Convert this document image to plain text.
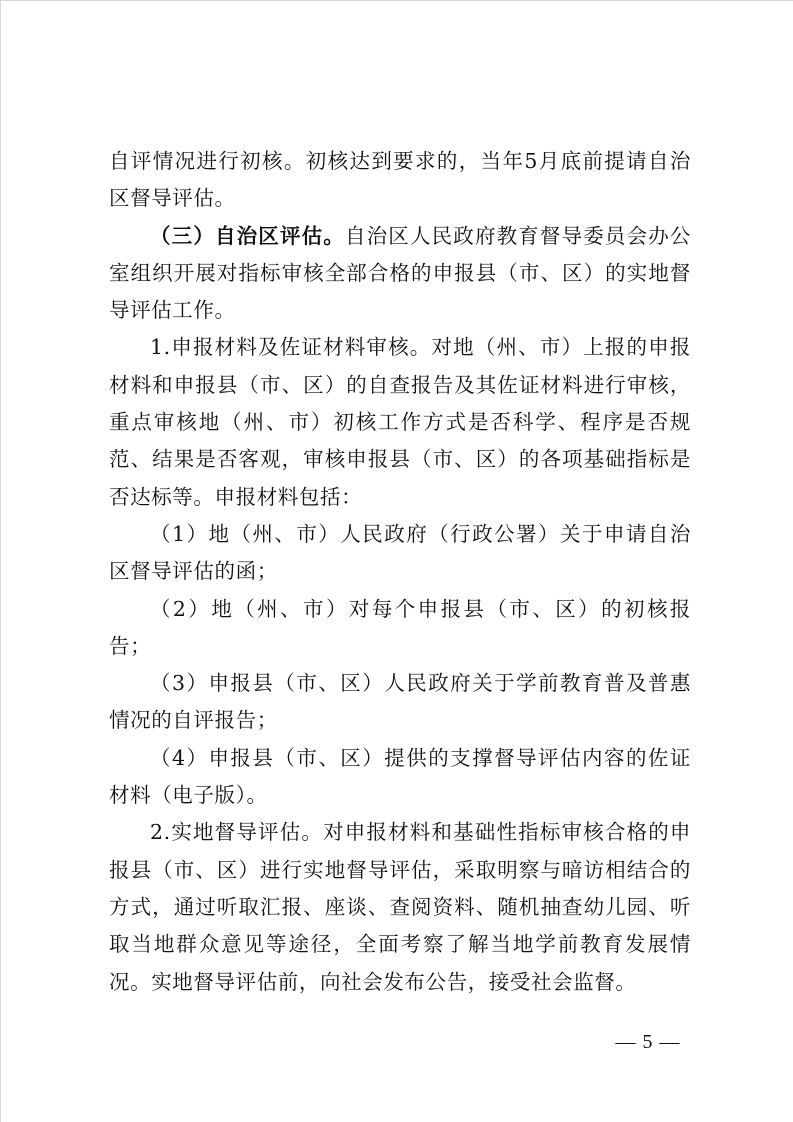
自评情况进行初核。初核达到要求的，当年5月底前提请自治区督导评估。

（三）自治区评估。自治区人民政府教育督导委员会办公室组织开展对指标审核全部合格的申报县（市、区）的实地督导评估工作。

1.申报材料及佐证材料审核。对地（州、市）上报的申报材料和申报县（市、区）的自查报告及其佐证材料进行审核，重点审核地（州、市）初核工作方式是否科学、程序是否规范、结果是否客观，审核申报县（市、区）的各项基础指标是否达标等。申报材料包括：

（1）地（州、市）人民政府（行政公署）关于申请自治区督导评估的函；

（2）地（州、市）对每个申报县（市、区）的初核报告；

（3）申报县（市、区）人民政府关于学前教育普及普惠情况的自评报告；

（4）申报县（市、区）提供的支撑督导评估内容的佐证材料（电子版）。

2.实地督导评估。对申报材料和基础性指标审核合格的申报县（市、区）进行实地督导评估，采取明察与暗访相结合的方式，通过听取汇报、座谈、查阅资料、随机抽查幼儿园、听取当地群众意见等途径，全面考察了解当地学前教育发展情况。实地督导评估前，向社会发布公告，接受社会监督。

— 5 —
